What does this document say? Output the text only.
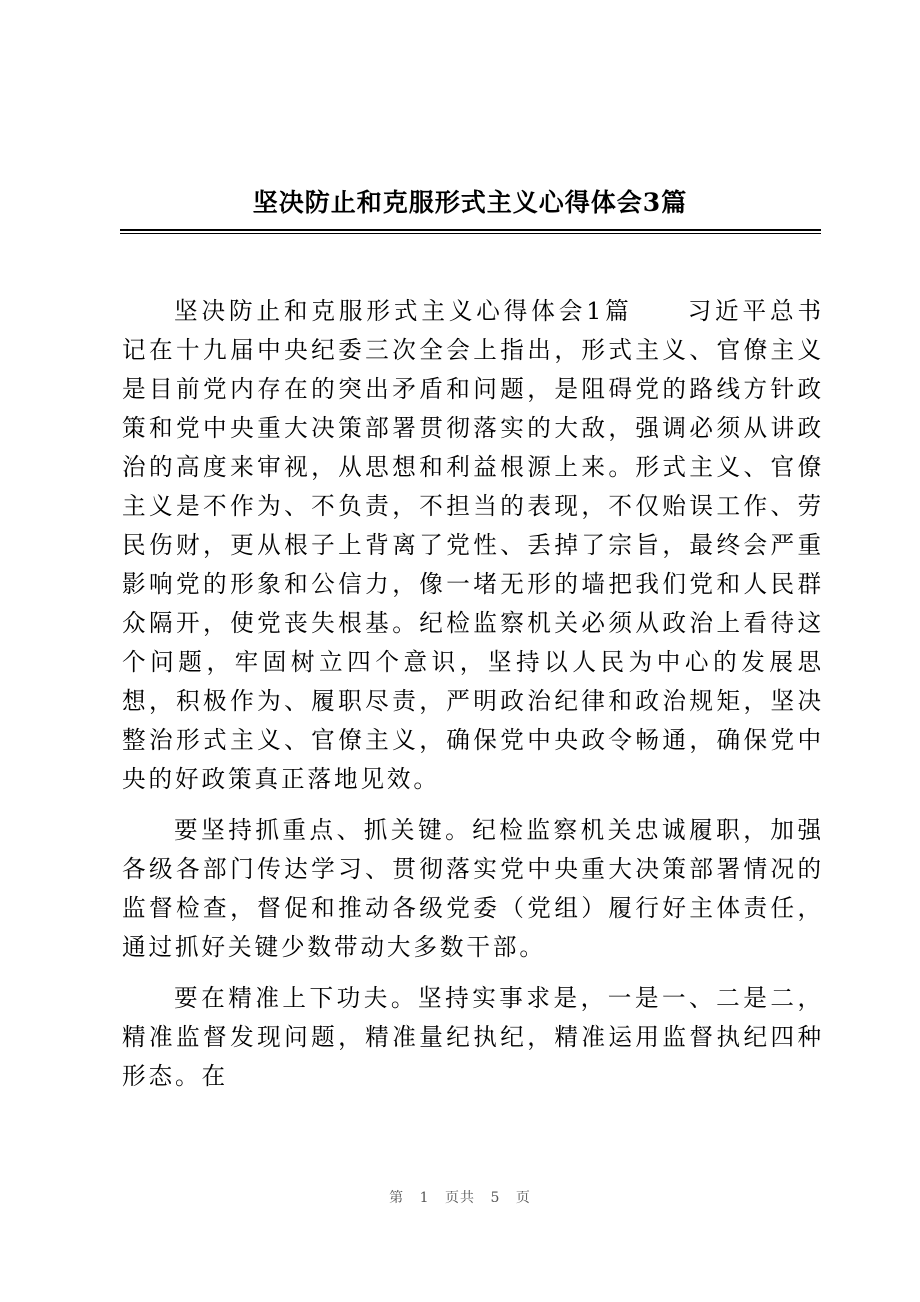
坚决防止和克服形式主义心得体会3篇

坚决防止和克服形式主义心得体会1篇　　习近平总书记在十九届中央纪委三次全会上指出，形式主义、官僚主义是目前党内存在的突出矛盾和问题，是阻碍党的路线方针政策和党中央重大决策部署贯彻落实的大敌，强调必须从讲政治的高度来审视，从思想和利益根源上来。形式主义、官僚主义是不作为、不负责，不担当的表现，不仅贻误工作、劳民伤财，更从根子上背离了党性、丢掉了宗旨，最终会严重影响党的形象和公信力，像一堵无形的墙把我们党和人民群众隔开，使党丧失根基。纪检监察机关必须从政治上看待这个问题，牢固树立四个意识，坚持以人民为中心的发展思想，积极作为、履职尽责，严明政治纪律和政治规矩，坚决整治形式主义、官僚主义，确保党中央政令畅通，确保党中央的好政策真正落地见效。

要坚持抓重点、抓关键。纪检监察机关忠诚履职，加强各级各部门传达学习、贯彻落实党中央重大决策部署情况的监督检查，督促和推动各级党委（党组）履行好主体责任，通过抓好关键少数带动大多数干部。

要在精准上下功夫。坚持实事求是，一是一、二是二，精准监督发现问题，精准量纪执纪，精准运用监督执纪四种形态。在

第 1 页共 5 页
